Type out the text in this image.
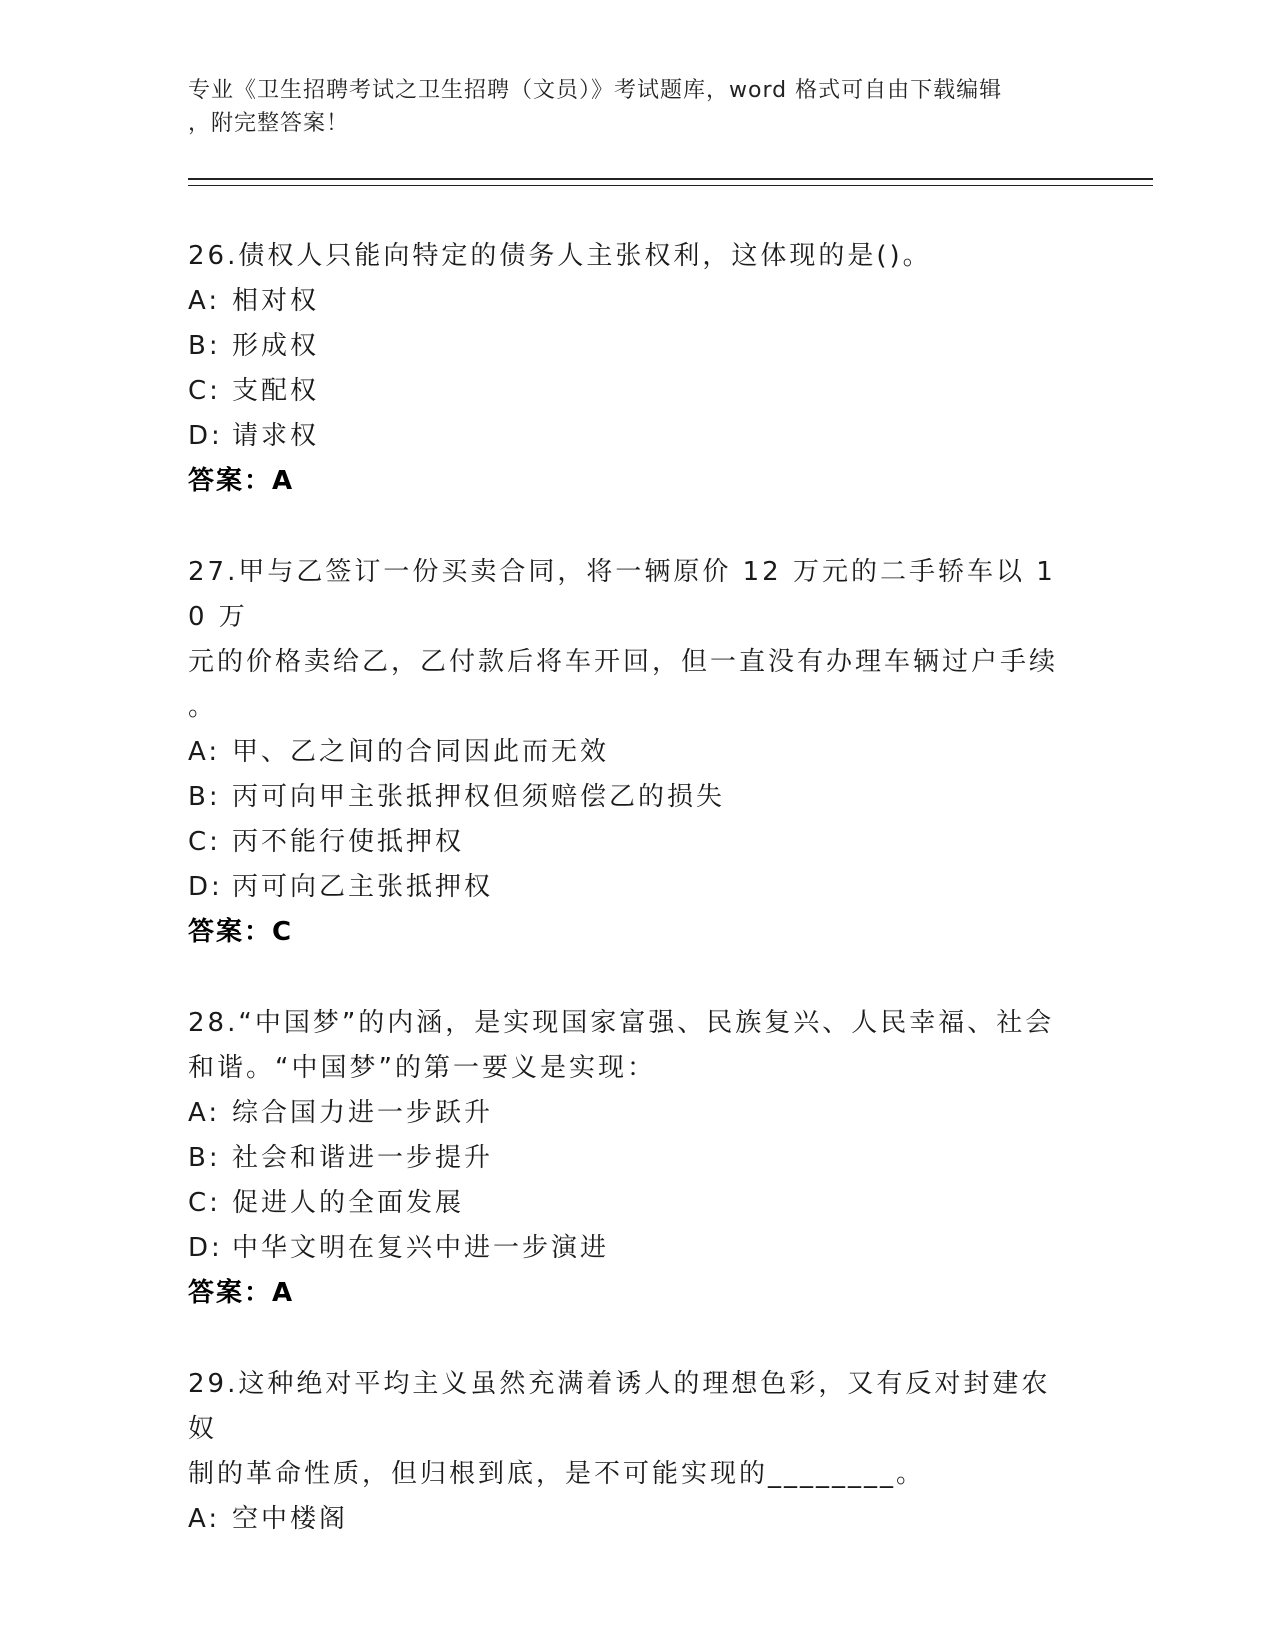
专业《卫生招聘考试之卫生招聘（文员）》考试题库，word 格式可自由下载编辑
，附完整答案！
26.债权人只能向特定的债务人主张权利，这体现的是()。
A: 相对权
B: 形成权
C: 支配权
D: 请求权
答案：A
27.甲与乙签订一份买卖合同，将一辆原价 12 万元的二手轿车以 10 万
元的价格卖给乙，乙付款后将车开回，但一直没有办理车辆过户手续
。
A: 甲、乙之间的合同因此而无效
B: 丙可向甲主张抵押权但须赔偿乙的损失
C: 丙不能行使抵押权
D: 丙可向乙主张抵押权
答案：C
28.“中国梦”的内涵，是实现国家富强、民族复兴、人民幸福、社会
和谐。“中国梦”的第一要义是实现：
A: 综合国力进一步跃升
B: 社会和谐进一步提升
C: 促进人的全面发展
D: 中华文明在复兴中进一步演进
答案：A
29.这种绝对平均主义虽然充满着诱人的理想色彩，又有反对封建农奴
制的革命性质，但归根到底，是不可能实现的________。
A: 空中楼阁
